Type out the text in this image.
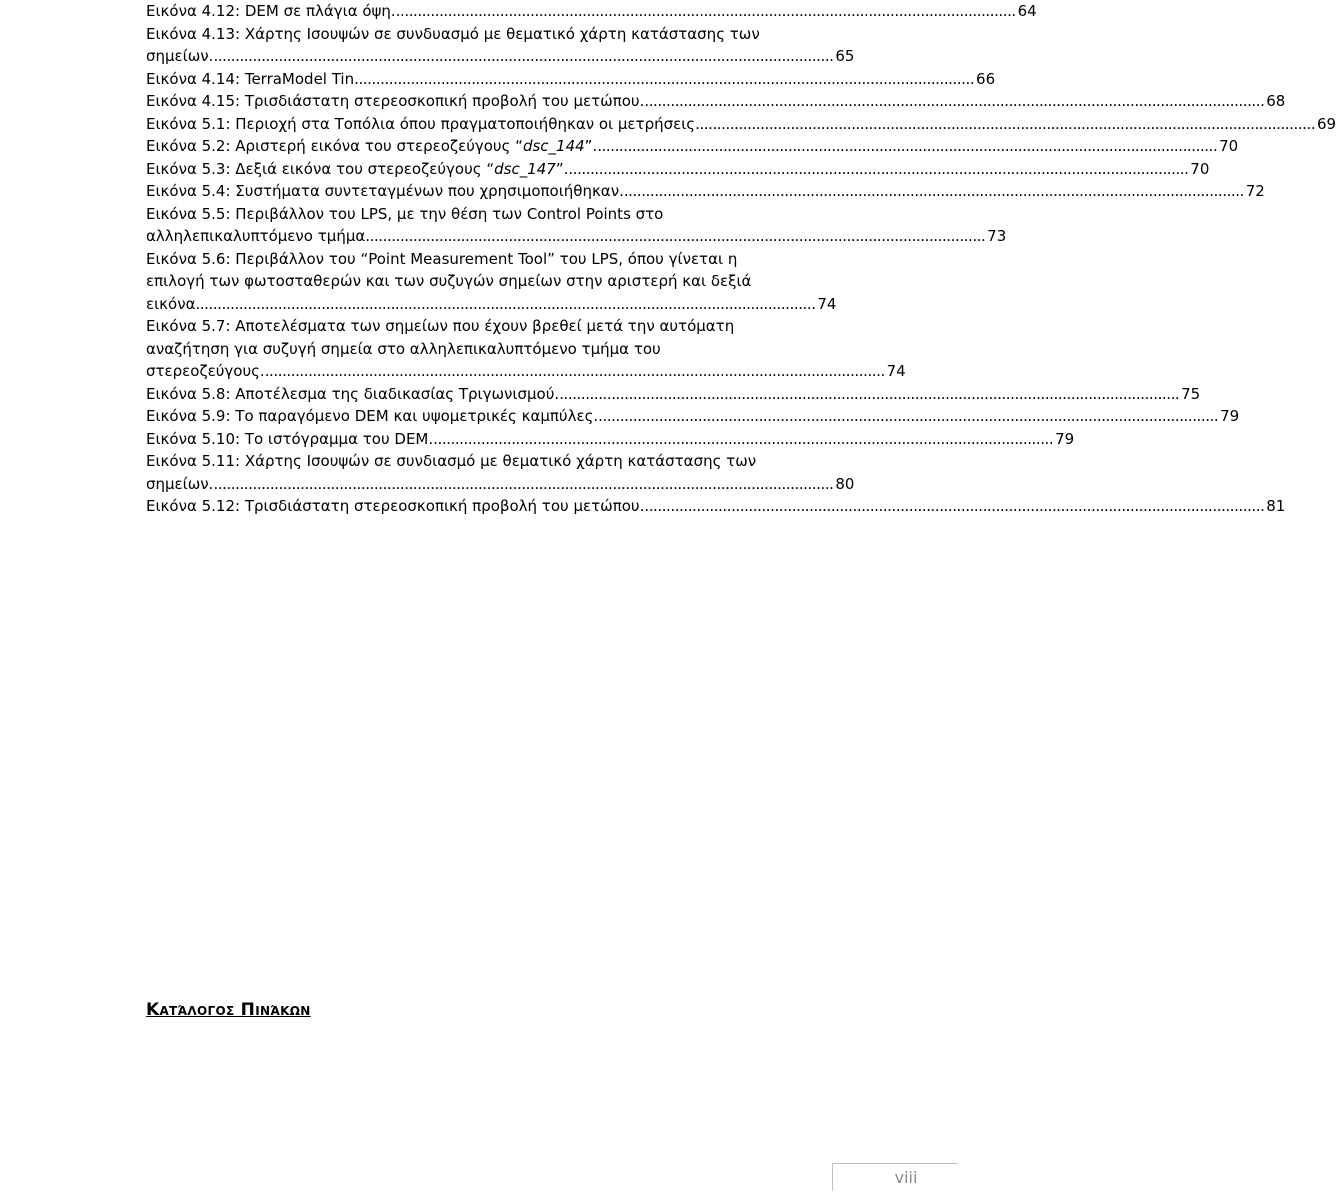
Εικόνα 4.12: DEM σε πλάγια όψη. . . .	64
Εικόνα 4.13: Χάρτης Ισουψών σε συνδυασμό με θεματικό χάρτη κατάστασης των
σημείων. . . .	65
Εικόνα 4.14: TerraModel Tin . . .	66
Εικόνα 4.15: Τρισδιάστατη στερεοσκοπική προβολή του μετώπου. . . .	68
Εικόνα 5.1: Περιοχή στα Τοπόλια όπου πραγματοποιήθηκαν οι μετρήσεις . . .	69
Εικόνα 5.2: Αριστερή εικόνα του στερεοζεύγους “dsc_144”. . . .	70
Εικόνα 5.3: Δεξιά εικόνα του στερεοζεύγους “dsc_147”. . . .	70
Εικόνα 5.4: Συστήματα συντεταγμένων που χρησιμοποιήθηκαν. . . .	72
Εικόνα 5.5: Περιβάλλον του LPS, με την θέση των Control Points στο
αλληλεπικαλυπτόμενο τμήμα . . .	73
Εικόνα 5.6: Περιβάλλον του “Point Measurement Tool” του LPS, όπου γίνεται η
επιλογή των φωτοσταθερών και των συζυγών σημείων στην αριστερή και δεξιά
εικόνα . . .	74
Εικόνα 5.7: Αποτελέσματα των σημείων που έχουν βρεθεί μετά την αυτόματη
αναζήτηση για συζυγή σημεία στο αλληλεπικαλυπτόμενο τμήμα του
στερεοζεύγους. . . .	74
Εικόνα 5.8: Αποτέλεσμα της διαδικασίας Τριγωνισμού. . . .	75
Εικόνα 5.9: Το παραγόμενο DEM και υψομετρικές καμπύλες. . . .	79
Εικόνα 5.10: Το ιστόγραμμα του DEM. . . .	79
Εικόνα 5.11: Χάρτης Ισουψών σε συνδιασμό με θεματικό χάρτη κατάστασης των
σημείων. . . .	80
Εικόνα 5.12: Τρισδιάστατη στερεοσκοπική προβολή του μετώπου. . . .	81
Κατάλογος Πινάκων
viii
